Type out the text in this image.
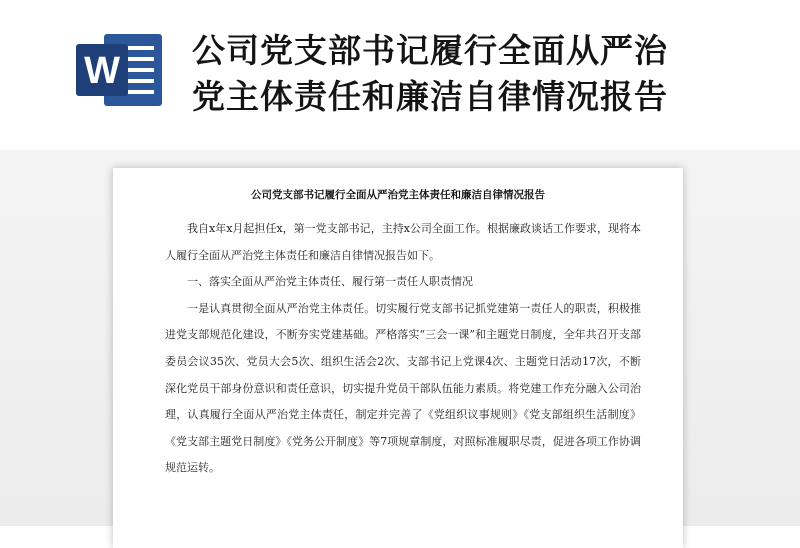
W 公司党支部书记履行全面从严治
党主体责任和廉洁自律情况报告
公司党支部书记履行全面从严治党主体责任和廉洁自律情况报告

我自x年x月起担任x，第一党支部书记，主持x公司全面工作。根据廉政谈话工作要求，现将本人履行全面从严治党主体责任和廉洁自律情况报告如下。

一、落实全面从严治党主体责任、履行第一责任人职责情况

一是认真贯彻全面从严治党主体责任。切实履行党支部书记抓党建第一责任人的职责，积极推进党支部规范化建设，不断夯实党建基础。严格落实“三会一课”和主题党日制度，全年共召开支部委员会议35次、党员大会5次、组织生活会2次、支部书记上党课4次、主题党日活动17次，不断深化党员干部身份意识和责任意识，切实提升党员干部队伍能力素质。将党建工作充分融入公司治理，认真履行全面从严治党主体责任，制定并完善了《党组织议事规则》《党支部组织生活制度》《党支部主题党日制度》《党务公开制度》等7项规章制度，对照标准履职尽责，促进各项工作协调规范运转。
